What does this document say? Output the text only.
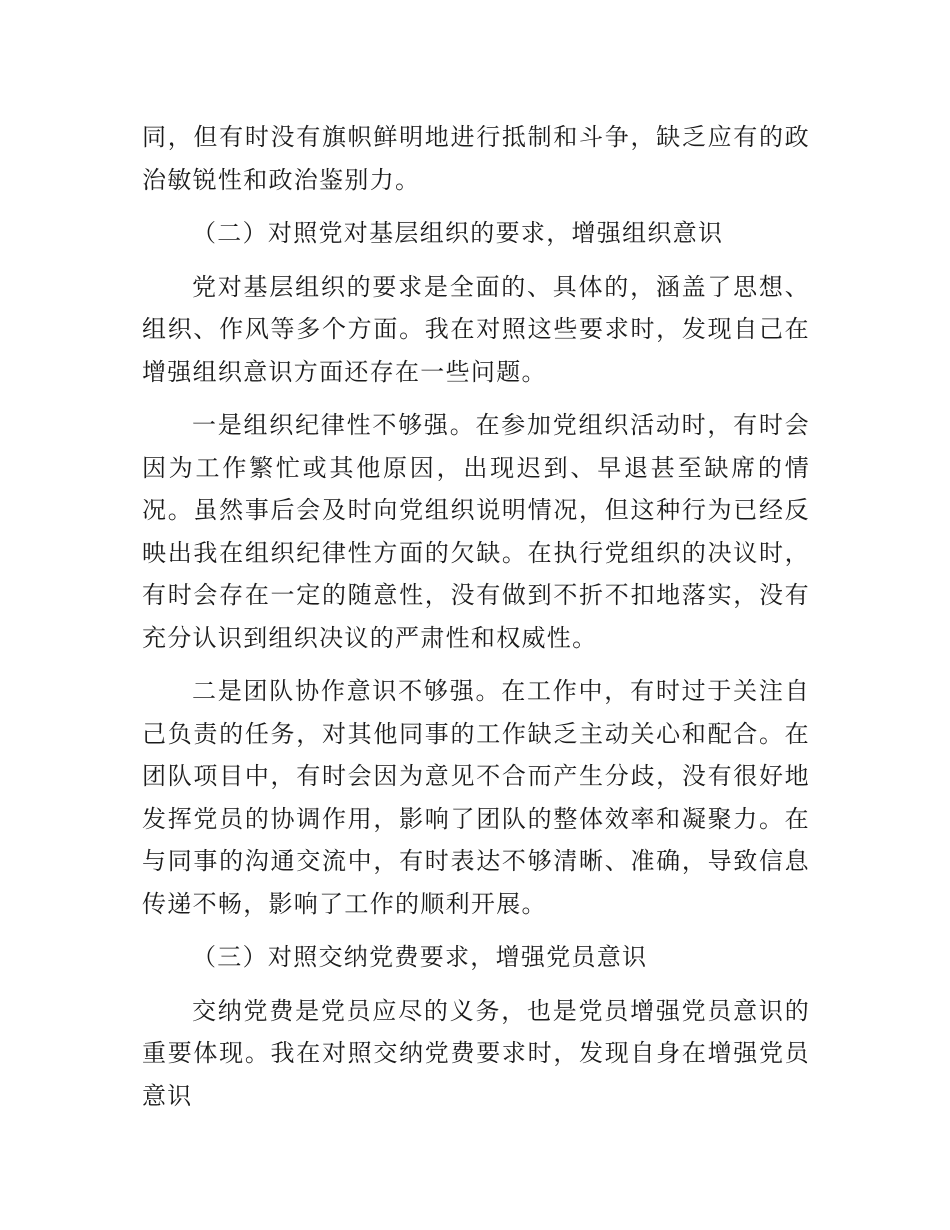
同，但有时没有旗帜鲜明地进行抵制和斗争，缺乏应有的政治敏锐性和政治鉴别力。

（二）对照党对基层组织的要求，增强组织意识

党对基层组织的要求是全面的、具体的，涵盖了思想、组织、作风等多个方面。我在对照这些要求时，发现自己在增强组织意识方面还存在一些问题。

一是组织纪律性不够强。在参加党组织活动时，有时会因为工作繁忙或其他原因，出现迟到、早退甚至缺席的情况。虽然事后会及时向党组织说明情况，但这种行为已经反映出我在组织纪律性方面的欠缺。在执行党组织的决议时，有时会存在一定的随意性，没有做到不折不扣地落实，没有充分认识到组织决议的严肃性和权威性。

二是团队协作意识不够强。在工作中，有时过于关注自己负责的任务，对其他同事的工作缺乏主动关心和配合。在团队项目中，有时会因为意见不合而产生分歧，没有很好地发挥党员的协调作用，影响了团队的整体效率和凝聚力。在与同事的沟通交流中，有时表达不够清晰、准确，导致信息传递不畅，影响了工作的顺利开展。

（三）对照交纳党费要求，增强党员意识

交纳党费是党员应尽的义务，也是党员增强党员意识的重要体现。我在对照交纳党费要求时，发现自身在增强党员意识
